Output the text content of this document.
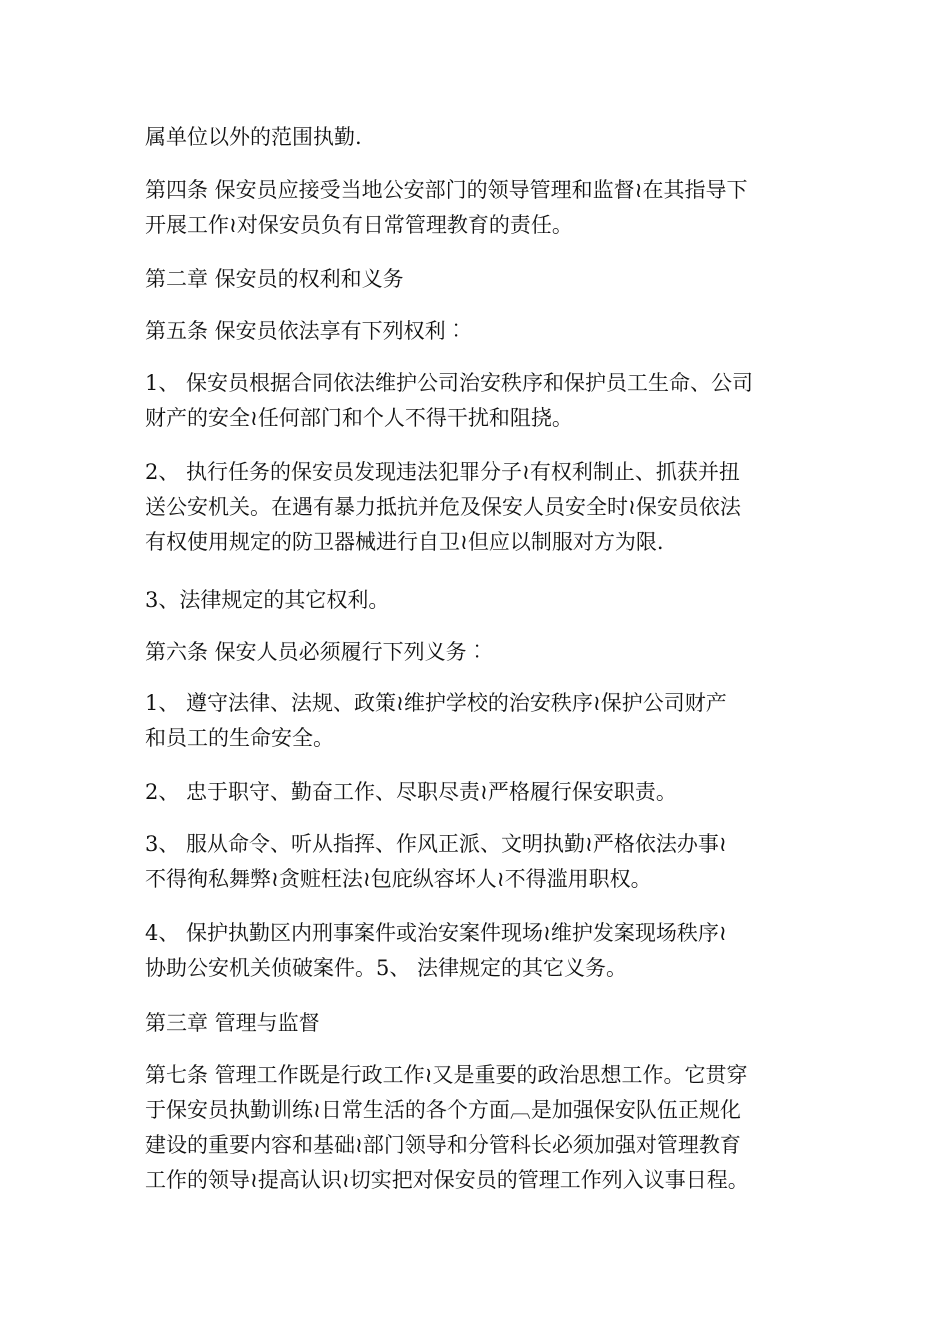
属单位以外的范围执勤.
第四条 保安员应接受当地公安部门的领导管理和监督≀在其指导下
开展工作≀对保安员负有日常管理教育的责任。
第二章 保安员的权利和义务
第五条 保安员依法享有下列权利︰
1、 保安员根据合同依法维护公司治安秩序和保护员工生命、公司
财产的安全≀任何部门和个人不得干扰和阻挠。
2、 执行任务的保安员发现违法犯罪分子≀有权利制止、抓获并扭
送公安机关。在遇有暴力抵抗并危及保安人员安全时≀保安员依法
有权使用规定的防卫器械进行自卫≀但应以制服对方为限.
3、法律规定的其它权利。
第六条 保安人员必须履行下列义务︰
1、 遵守法律、法规、政策≀维护学校的治安秩序≀保护公司财产
和员工的生命安全。
2、 忠于职守、勤奋工作、尽职尽责≀严格履行保安职责。
3、 服从命令、听从指挥、作风正派、文明执勤≀严格依法办事≀
不得徇私舞弊≀贪赃枉法≀包庇纵容坏人≀不得滥用职权。
4、 保护执勤区内刑事案件或治安案件现场≀维护发案现场秩序≀
协助公安机关侦破案件。5、 法律规定的其它义务。
第三章 管理与监督
第七条 管理工作既是行政工作≀又是重要的政治思想工作。它贯穿
于保安员执勤训练≀日常生活的各个方面︹是加强保安队伍正规化
建设的重要内容和基础≀部门领导和分管科长必须加强对管理教育
工作的领导≀提高认识≀切实把对保安员的管理工作列入议事日程。
